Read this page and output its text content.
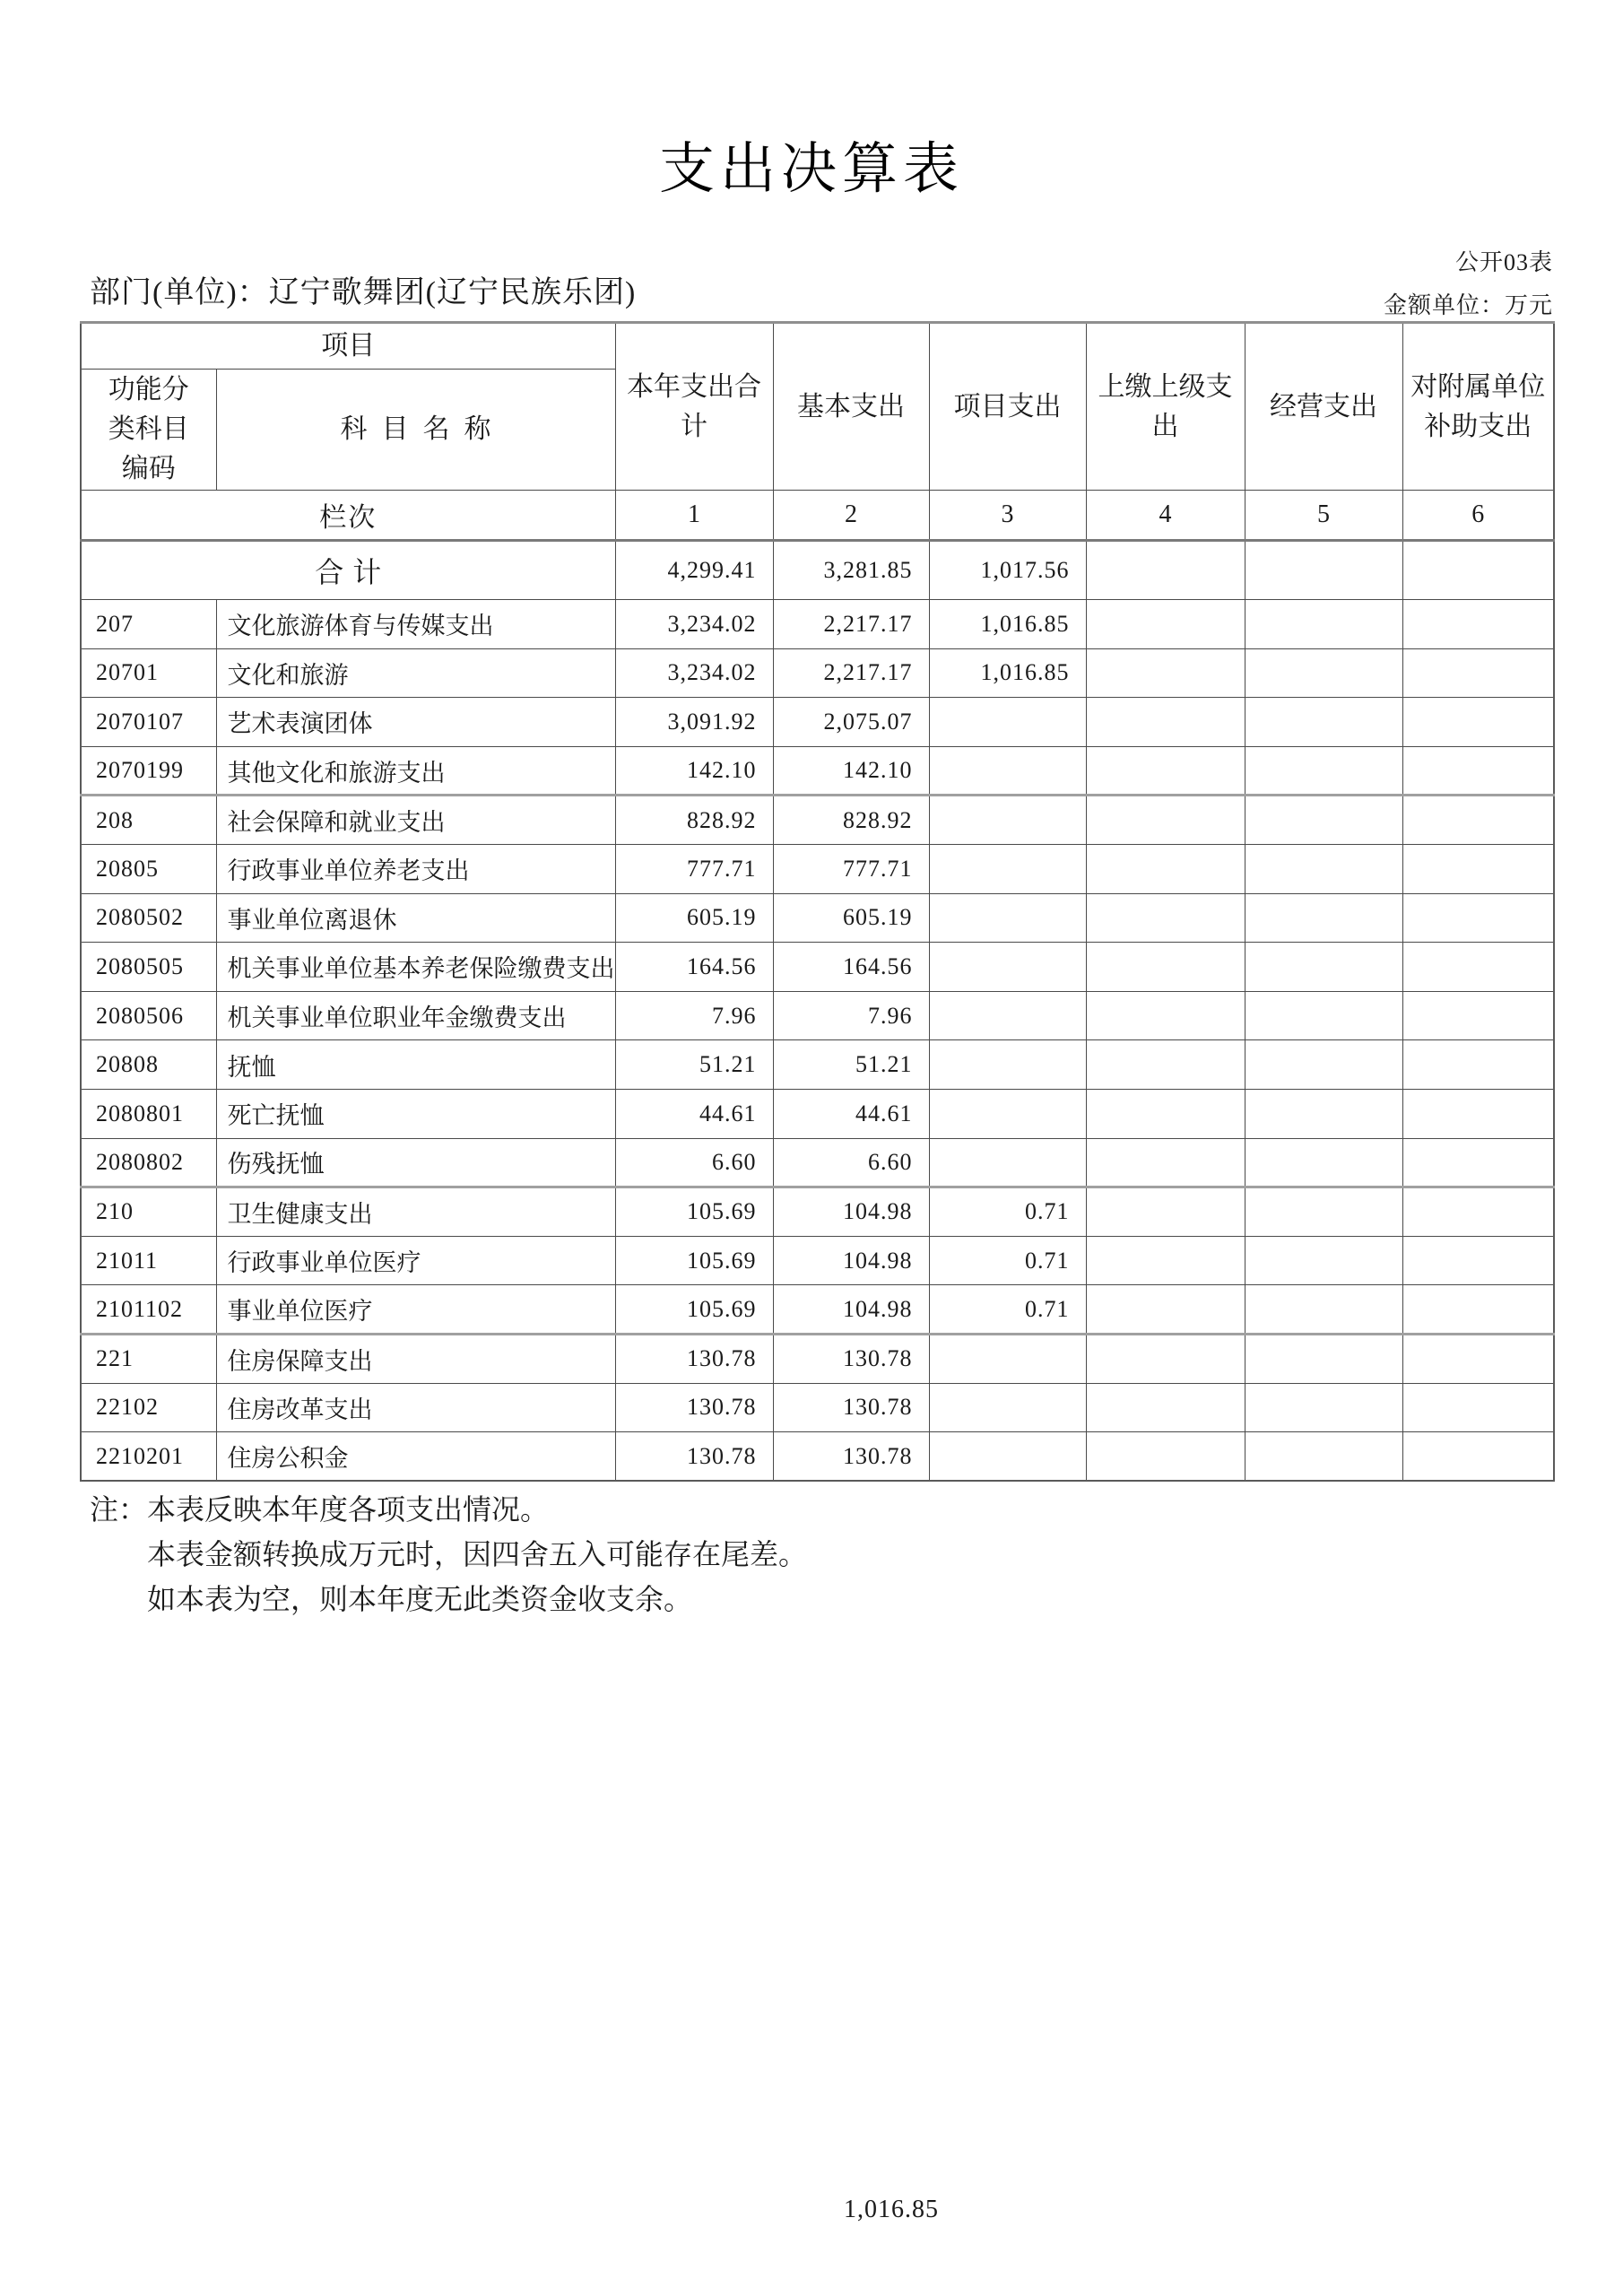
支出决算表
公开03表
部门(单位)：辽宁歌舞团(辽宁民族乐团)	金额单位：万元
项目		本年支出合计	基本支出	项目支出	上缴上级支出	经营支出	对附属单位补助支出
功能分类科目编码	科目名称						
栏次		1	2	3	4	5	6
合计		4,299.41	3,281.85	1,017.56			
207	文化旅游体育与传媒支出	3,234.02	2,217.17	1,016.85			
20701	文化和旅游	3,234.02	2,217.17	1,016.85			
2070107	艺术表演团体	3,091.92	2,075.07				
2070199	其他文化和旅游支出	142.10	142.10				
208	社会保障和就业支出	828.92	828.92				
20805	行政事业单位养老支出	777.71	777.71				
2080502	事业单位离退休	605.19	605.19				
2080505	机关事业单位基本养老保险缴费支出	164.56	164.56				
2080506	机关事业单位职业年金缴费支出	7.96	7.96				
20808	抚恤	51.21	51.21				
2080801	死亡抚恤	44.61	44.61				
2080802	伤残抚恤	6.60	6.60				
210	卫生健康支出	105.69	104.98	0.71			
21011	行政事业单位医疗	105.69	104.98	0.71			
2101102	事业单位医疗	105.69	104.98	0.71			
221	住房保障支出	130.78	130.78				
22102	住房改革支出	130.78	130.78				
2210201	住房公积金	130.78	130.78				
注：本表反映本年度各项支出情况。
本表金额转换成万元时，因四舍五入可能存在尾差。
如本表为空，则本年度无此类资金收支余。
1,016.85
